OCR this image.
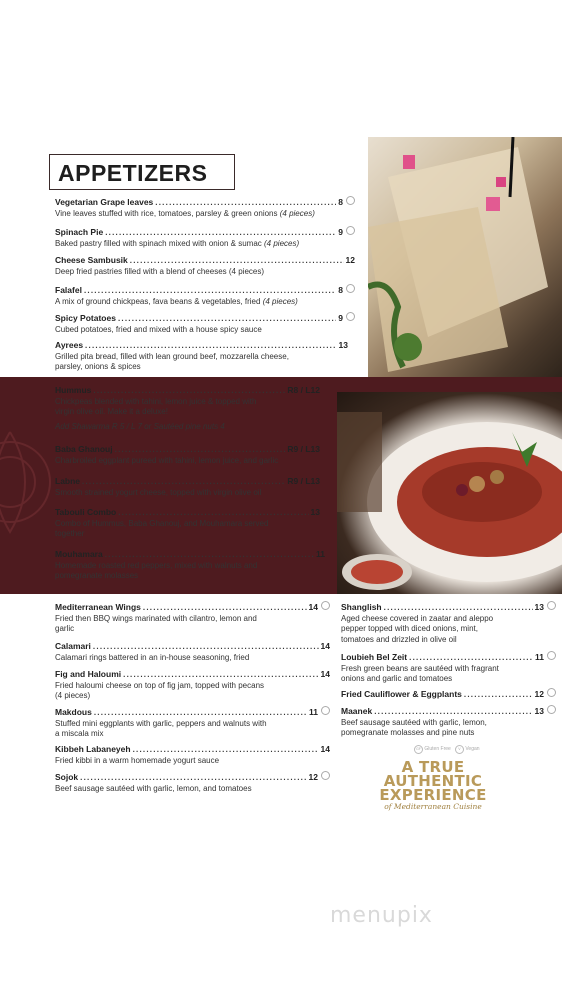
APPETIZERS
Vegetarian Grape leaves . . .	8
Vine leaves stuffed with rice, tomatoes, parsley & green onions (4 pieces)
Spinach Pie . . .	9
Baked pastry filled with spinach mixed with onion & sumac (4 pieces)
Cheese Sambusik . . .	12
Deep fried pastries filled with a blend of cheeses (4 pieces)
Falafel . . .	8
A mix of ground chickpeas, fava beans & vegetables, fried (4 pieces)
Spicy Potatoes . . .	9
Cubed potatoes, fried and mixed with a house spicy sauce
Ayrees . . .	13
Grilled pita bread, filled with lean ground beef, mozzarella cheese,
parsley, onions & spices
Hummus . . .	R8 / L12
Chickpeas blended with tahini, lemon juice & topped with
virgin olive oil. Make it a deluxe!
Add Shawarma R 5 / L 7 or Sautéed pine nuts 4
Baba Ghanouj . . .	R9 / L13
Charbroiled eggplant pureed with tahini, lemon juice, and garlic
Labne . . .	R9 / L13
Smooth strained yogurt cheese, topped with virgin olive oil
Tabouli Combo . . .	13
Combo of Hummus, Baba Ghanouj, and Mouhamara served
together
Mouhamara . . .	11
Homemade roasted red peppers, mixed with walnuts and
pomegranate molasses
Mediterranean Wings . . .	14
Fried then BBQ wings marinated with cilantro, lemon and
garlic
Calamari . . .	14
Calamari rings battered in an in-house seasoning, fried
Fig and Haloumi . . .	14
Fried haloumi cheese on top of fig jam, topped with pecans
(4 pieces)
Makdous . . .	11
Stuffed mini eggplants with garlic, peppers and walnuts with
a miscala mix
Kibbeh Labaneyeh . . .	14
Fried kibbi in a warm homemade yogurt sauce
Sojok . . .	12
Beef sausage sautéed with garlic, lemon, and tomatoes
Shanglish . . .	13
Aged cheese covered in zaatar and aleppo
pepper topped with diced onions, mint,
tomatoes and drizzled in olive oil
Loubieh Bel Zeit . . .	11
Fresh green beans are sautéed with fragrant
onions and garlic and tomatoes
Fried Cauliflower & Eggplants . . .	12
Maanek . . .	13
Beef sausage sautéed with garlic, lemon,
pomegranate molasses and pine nuts
GF Gluten Free V Vegan
A TRUE
AUTHENTIC
EXPERIENCE
of Mediterranean Cuisine
menupix
